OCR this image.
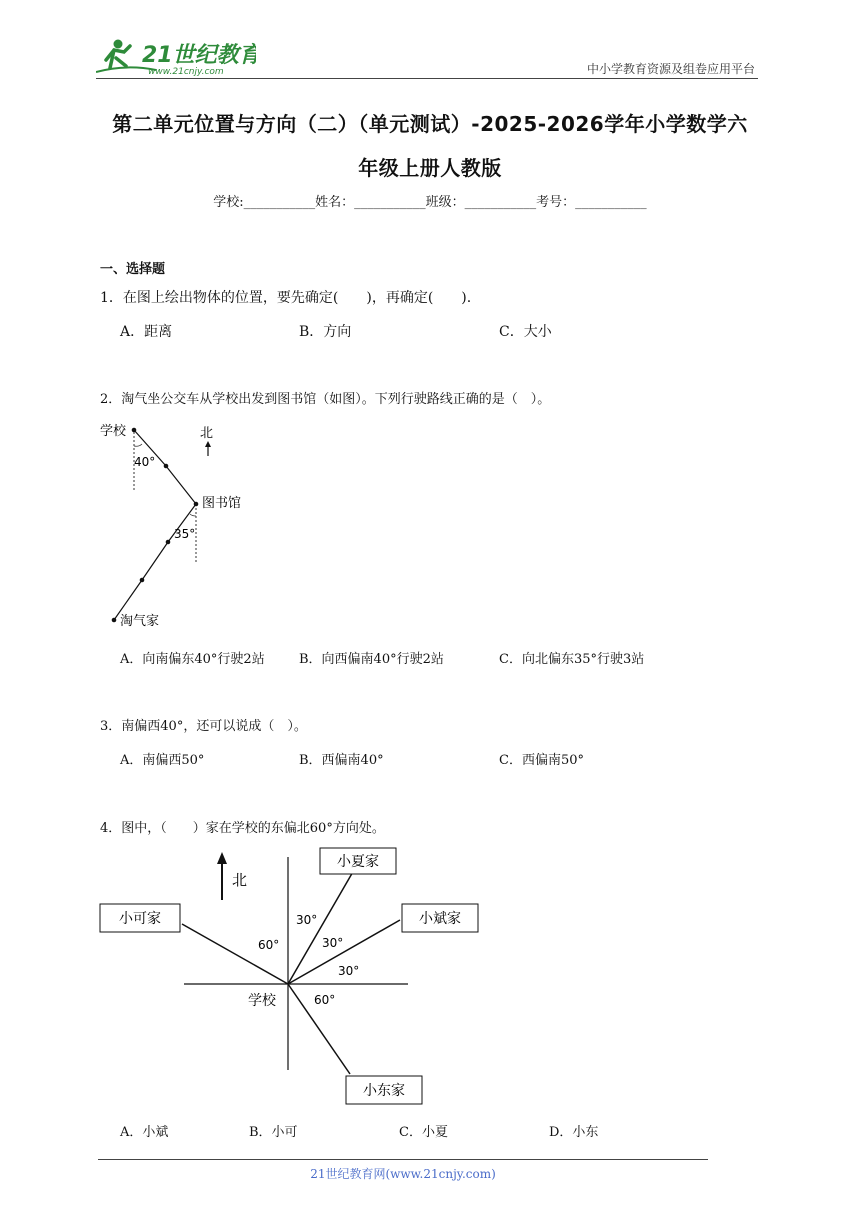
21世纪教育
www.21cnjy.com	中小学教育资源及组卷应用平台
第二单元位置与方向（二）（单元测试）-2025-2026学年小学数学六
年级上册人教版
学校:___________姓名：___________班级：___________考号：___________
一、选择题
1．在图上绘出物体的位置，要先确定(　　)，再确定(　　).
A．距离	B．方向	C．大小
2．淘气坐公交车从学校出发到图书馆（如图）。下列行驶路线正确的是（　）。
学校	北
40°
35°
图书馆
淘气家
A．向南偏东40°行驶2站	B．向西偏南40°行驶2站	C．向北偏东35°行驶3站
3．南偏西40°，还可以说成（　）。
A．南偏西50°	B．西偏南40°	C．西偏南50°
4．图中，（　　）家在学校的东偏北60°方向处。
北
小夏家
小可家	小斌家
小东家
30°
30°
30°
60°
60°
学校
A．小斌	B．小可	C．小夏	D．小东
21世纪教育网(www.21cnjy.com)
